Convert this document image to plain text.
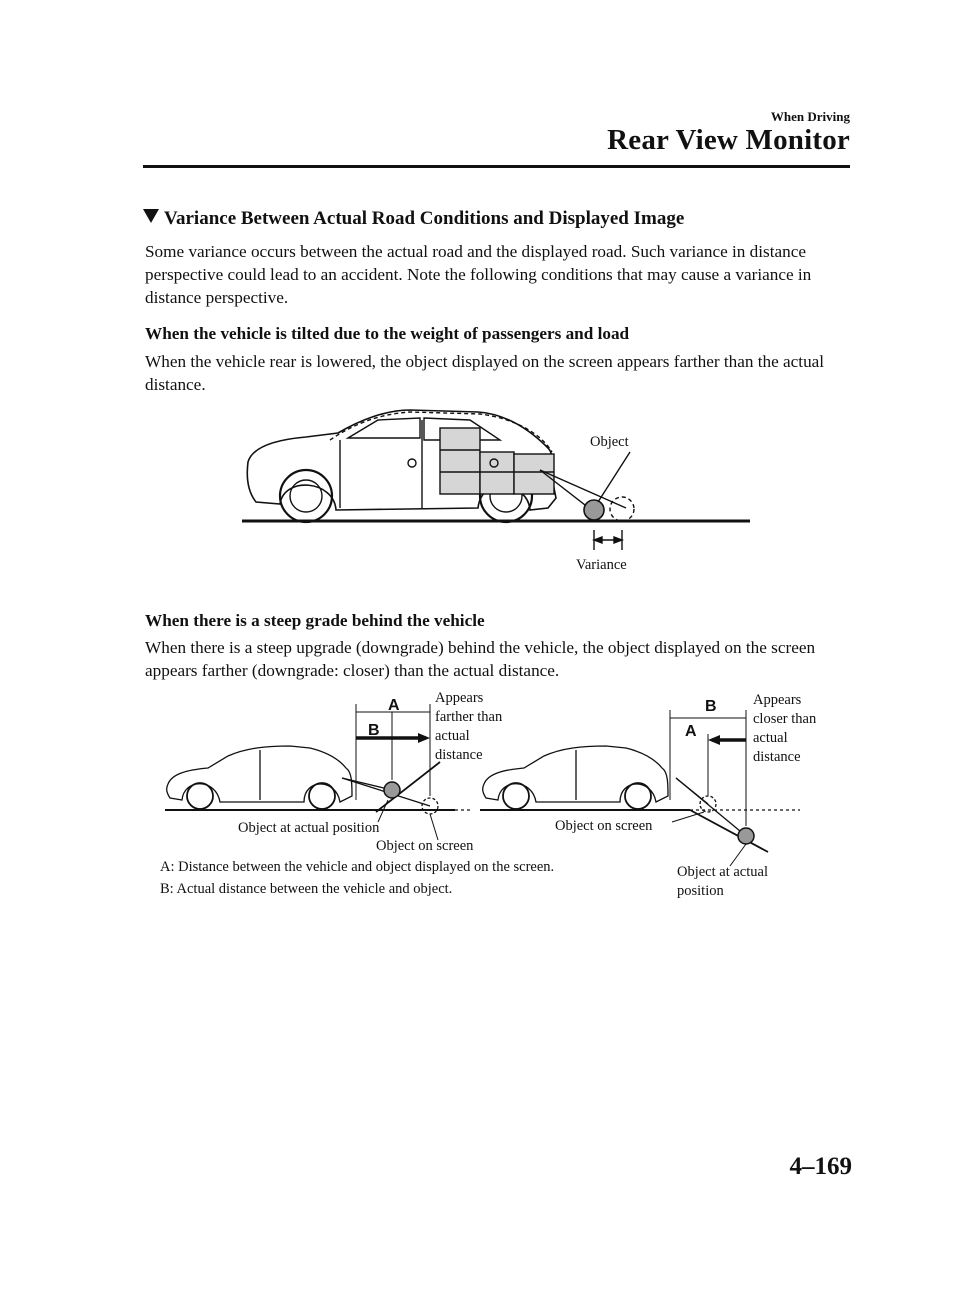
When Driving
Rear View Monitor
Variance Between Actual Road Conditions and Displayed Image
Some variance occurs between the actual road and the displayed road. Such variance in distance perspective could lead to an accident. Note the following conditions that may cause a variance in distance perspective.
When the vehicle is tilted due to the weight of passengers and load
When the vehicle rear is lowered, the object displayed on the screen appears farther than the actual distance.
Object
Variance
When there is a steep grade behind the vehicle
When there is a steep upgrade (downgrade) behind the vehicle, the object displayed on the screen appears farther (downgrade: closer) than the actual distance.
A
B
Appears
farther than
actual
distance
Object at actual position
Object on screen
B
A
Appears
closer than
actual
distance
Object on screen
Object at actual
position
A: Distance between the vehicle and object displayed on the screen.
B: Actual distance between the vehicle and object.
4–169
